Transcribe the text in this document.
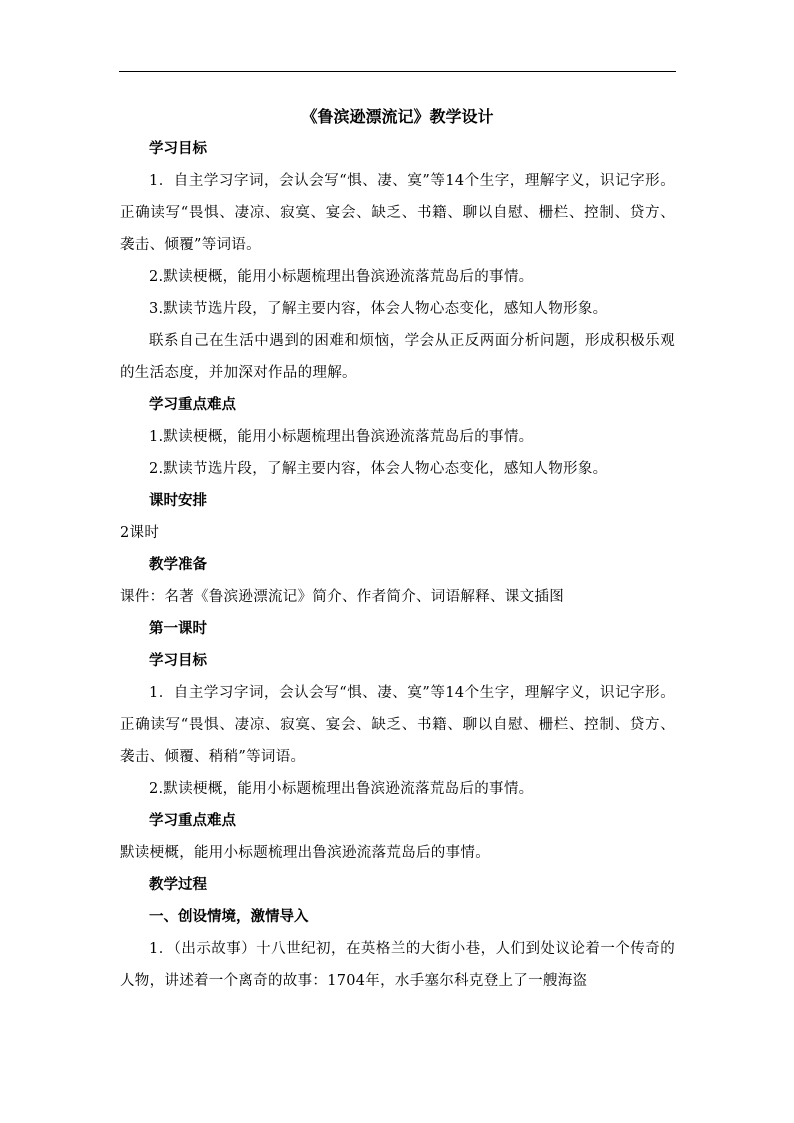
《鲁滨逊漂流记》教学设计
学习目标
1．自主学习字词，会认会写“惧、凄、寞”等14个生字，理解字义，识记字形。正确读写“畏惧、凄凉、寂寞、宴会、缺乏、书籍、聊以自慰、栅栏、控制、贷方、袭击、倾覆”等词语。
2.默读梗概，能用小标题梳理出鲁滨逊流落荒岛后的事情。
3.默读节选片段，了解主要内容，体会人物心态变化，感知人物形象。
联系自己在生活中遇到的困难和烦恼，学会从正反两面分析问题，形成积极乐观的生活态度，并加深对作品的理解。
学习重点难点
1.默读梗概，能用小标题梳理出鲁滨逊流落荒岛后的事情。
2.默读节选片段，了解主要内容，体会人物心态变化，感知人物形象。
课时安排
2课时
教学准备
课件：名著《鲁滨逊漂流记》简介、作者简介、词语解释、课文插图
第一课时
学习目标
1．自主学习字词，会认会写“惧、凄、寞”等14个生字，理解字义，识记字形。正确读写“畏惧、凄凉、寂寞、宴会、缺乏、书籍、聊以自慰、栅栏、控制、贷方、袭击、倾覆、稍稍”等词语。
2.默读梗概，能用小标题梳理出鲁滨逊流落荒岛后的事情。
学习重点难点
默读梗概，能用小标题梳理出鲁滨逊流落荒岛后的事情。
教学过程
一、创设情境，激情导入
1．（出示故事）十八世纪初，在英格兰的大街小巷，人们到处议论着一个传奇的人物，讲述着一个离奇的故事：1704年，水手塞尔科克登上了一艘海盗
